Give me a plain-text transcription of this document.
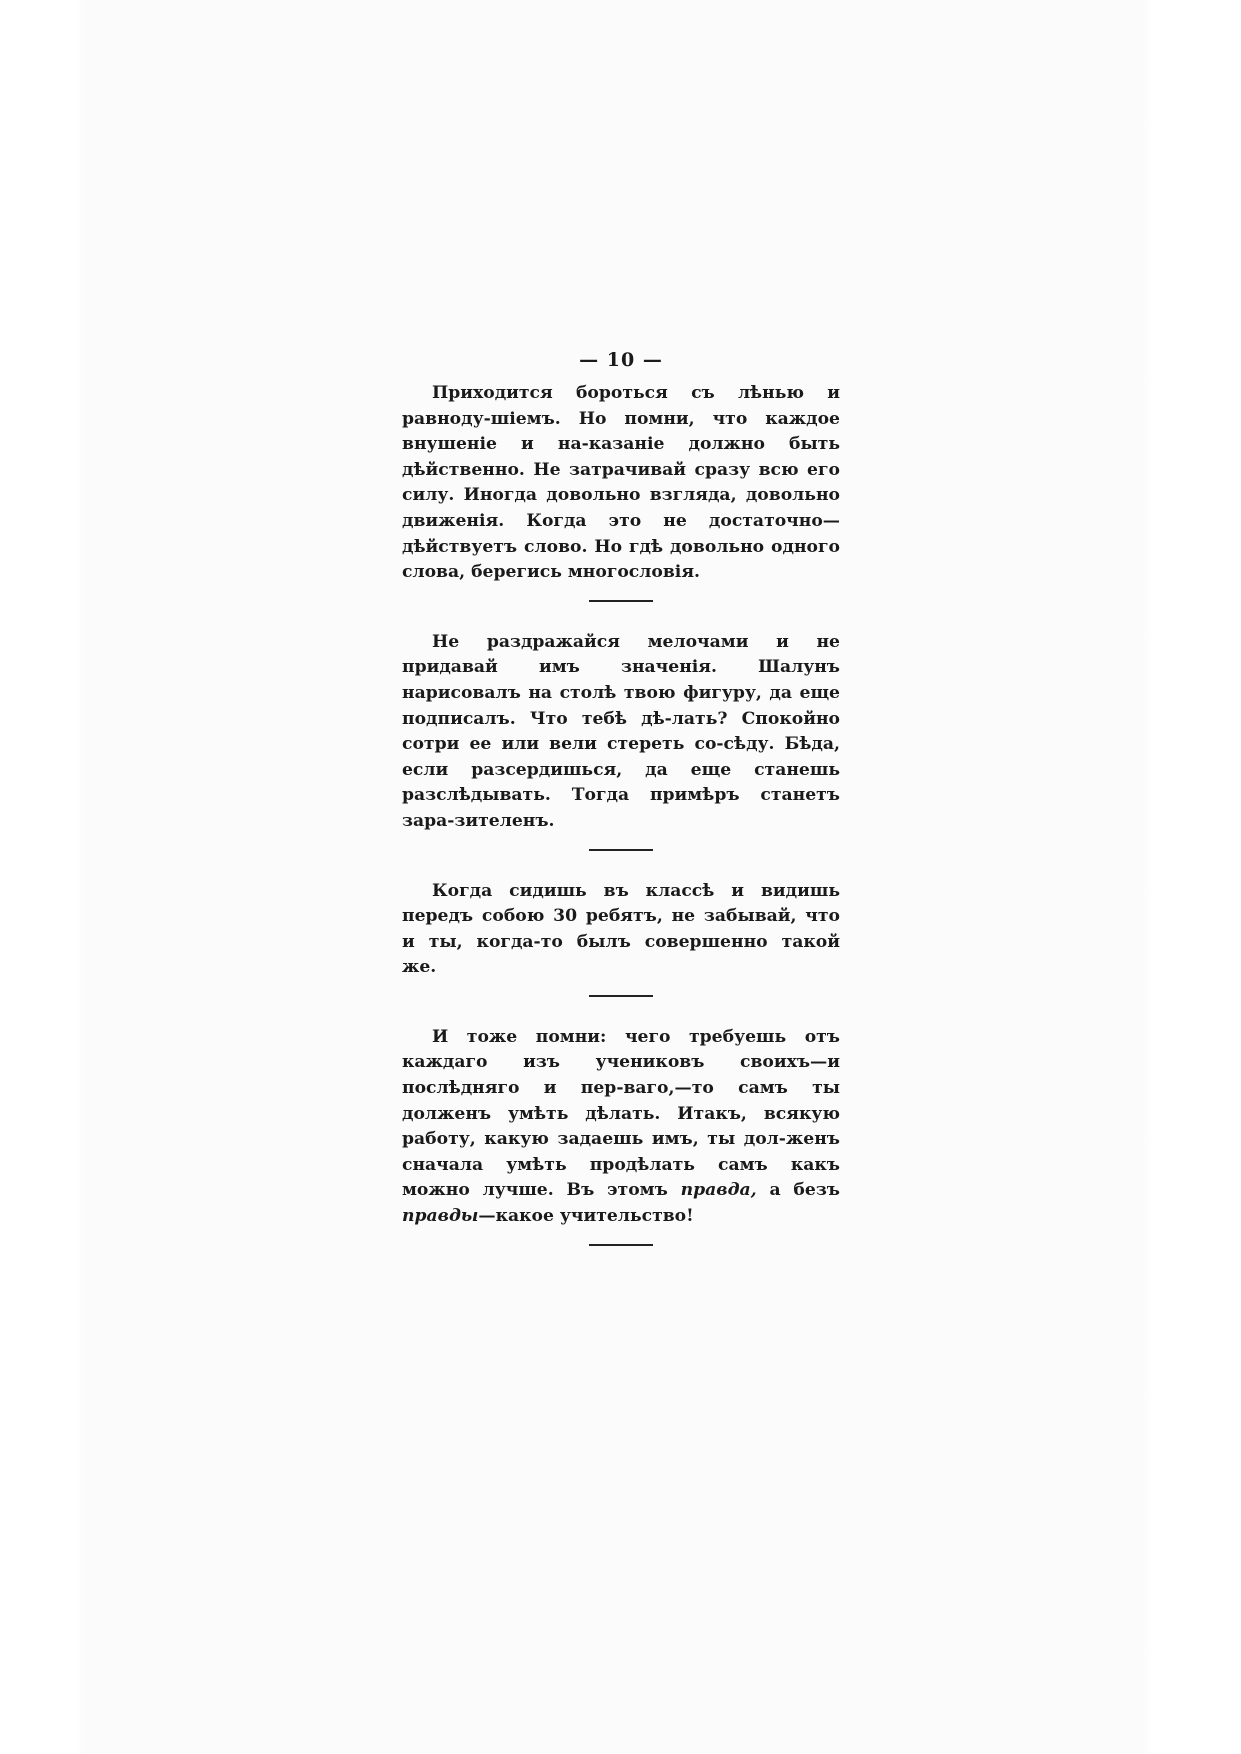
— 10 —

Приходится бороться съ лѣнью и равноду-шіемъ. Но помни, что каждое внушеніе и на-казаніе должно быть дѣйственно. Не затрачивай сразу всю его силу. Иногда довольно взгляда, довольно движенія. Когда это не достаточно—дѣйствуетъ слово. Но гдѣ довольно одного слова, берегись многословія.

Не раздражайся мелочами и не придавай имъ значенія. Шалунъ нарисовалъ на столѣ твою фигуру, да еще подписалъ. Что тебѣ дѣ-лать? Спокойно сотри ее или вели стереть со-сѣду. Бѣда, если разсердишься, да еще станешь разслѣдывать. Тогда примѣръ станетъ зара-зителенъ.

Когда сидишь въ классѣ и видишь передъ собою 30 ребятъ, не забывай, что и ты, когда-то былъ совершенно такой же.

И тоже помни: чего требуешь отъ каждаго изъ учениковъ своихъ—и послѣдняго и пер-ваго,—то самъ ты долженъ умѣть дѣлать. Итакъ, всякую работу, какую задаешь имъ, ты дол-женъ сначала умѣть продѣлать самъ какъ можно лучше. Въ этомъ правда, а безъ правды—какое учительство!
